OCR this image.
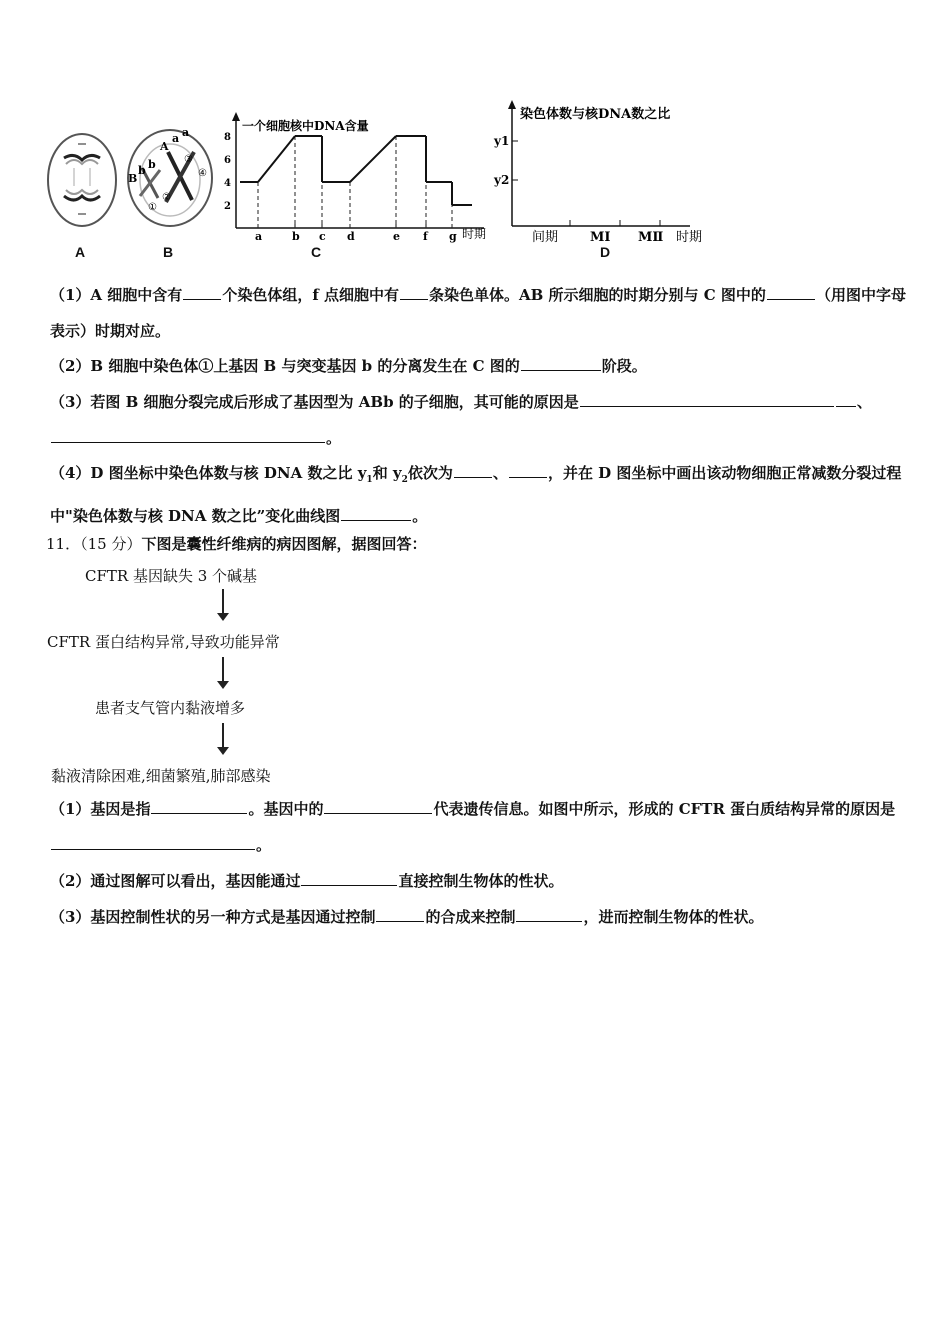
A
B
b b
A
a a
①
②
③
④
B
一个细胞核中DNA含量
时期
2
4
6
8
a	b c d	e f g
C
染色体数与核DNA数之比
y1
y2
间期 MⅠ MⅡ 时期
D
（1）A 细胞中含有	个染色体组，f 点细胞中有 条染色单体。AB 所示细胞的时期分别与 C 图中的	（用图中字母表示）时期对应。
（2）B 细胞中染色体①上基因 B 与突变基因 b 的分离发生在 C 图的	阶段。
（3）若图 B 细胞分裂完成后形成了基因型为 ABb 的子细胞，其可能的原因是	、。
（4）D 图坐标中染色体数与核 DNA 数之比 $y_1$和 $y_2$依次为	、	，并在 D 图坐标中画出该动物细胞正常减数分裂过程中"染色体数与核 DNA 数之比”变化曲线图	。
11．（15 分）下图是囊性纤维病的病因图解，据图回答：
CFTR 基因缺失 3 个碱基
CFTR 蛋白结构异常,导致功能异常
患者支气管内黏液增多
黏液清除困难,细菌繁殖,肺部感染
（1）基因是指	。基因中的	代表遗传信息。如图中所示，形成的 CFTR 蛋白质结构异常的原因是。
（2）通过图解可以看出，基因能通过	直接控制生物体的性状。
（3）基因控制性状的另一种方式是基因通过控制	的合成来控制	，进而控制生物体的性状。
